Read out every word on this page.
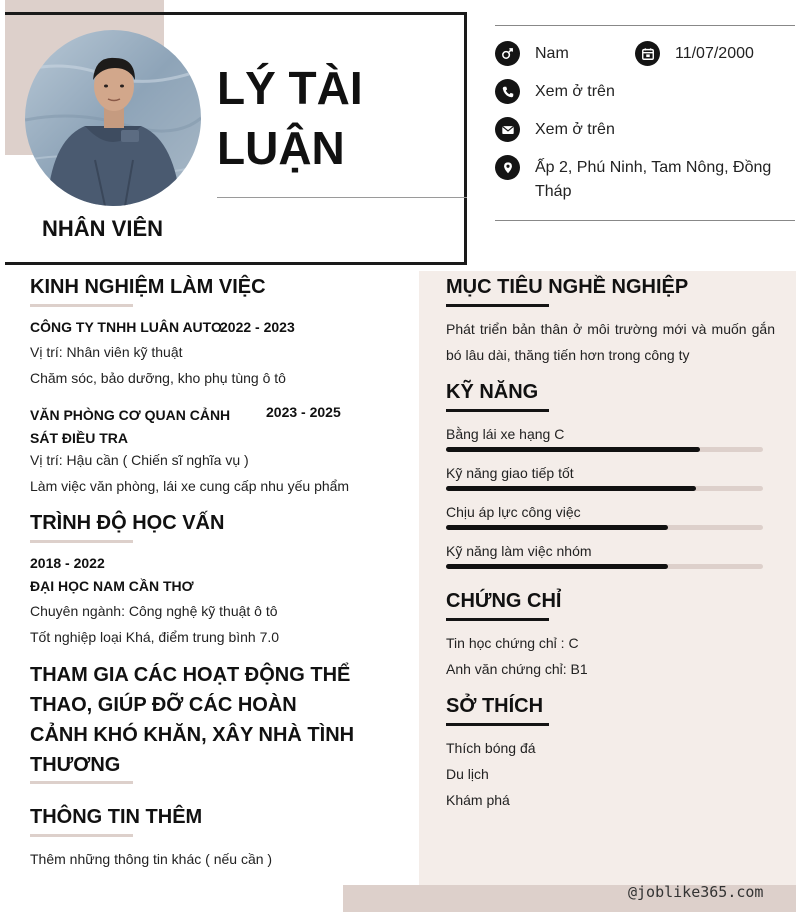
LÝ TÀI
LUẬN
NHÂN VIÊN
Nam	11/07/2000
Xem ở trên
Xem ở trên
Ấp 2, Phú Ninh, Tam Nông, Đồng Tháp
KINH NGHIỆM LÀM VIỆC
CÔNG TY TNHH LUÂN AUTO
2022 - 2023
Vị trí: Nhân viên kỹ thuật
Chăm sóc, bảo dưỡng, kho phụ tùng ô tô
VĂN PHÒNG CƠ QUAN CẢNH SÁT ĐIỀU TRA
2023 - 2025
Vị trí: Hậu cần ( Chiến sĩ nghĩa vụ )
Làm việc văn phòng, lái xe cung cấp nhu yếu phẩm
TRÌNH ĐỘ HỌC VẤN
2018 - 2022
ĐẠI HỌC NAM CẦN THƠ
Chuyên ngành: Công nghệ kỹ thuật ô tô
Tốt nghiệp loại Khá, điểm trung bình 7.0
THAM GIA CÁC HOẠT ĐỘNG THỂ THAO, GIÚP ĐỠ CÁC HOÀN CẢNH KHÓ KHĂN, XÂY NHÀ TÌNH THƯƠNG
THÔNG TIN THÊM
Thêm những thông tin khác ( nếu cần )
MỤC TIÊU NGHỀ NGHIỆP
Phát triển bản thân ở môi trường mới và muốn gắn bó lâu dài, thăng tiến hơn trong công ty
KỸ NĂNG
Bằng lái xe hạng C
Kỹ năng giao tiếp tốt
Chịu áp lực công việc
Kỹ năng làm việc nhóm
CHỨNG CHỈ
Tin học chứng chỉ : C
Anh văn chứng chỉ: B1
SỞ THÍCH
Thích bóng đá
Du lịch
Khám phá
@joblike365.com
